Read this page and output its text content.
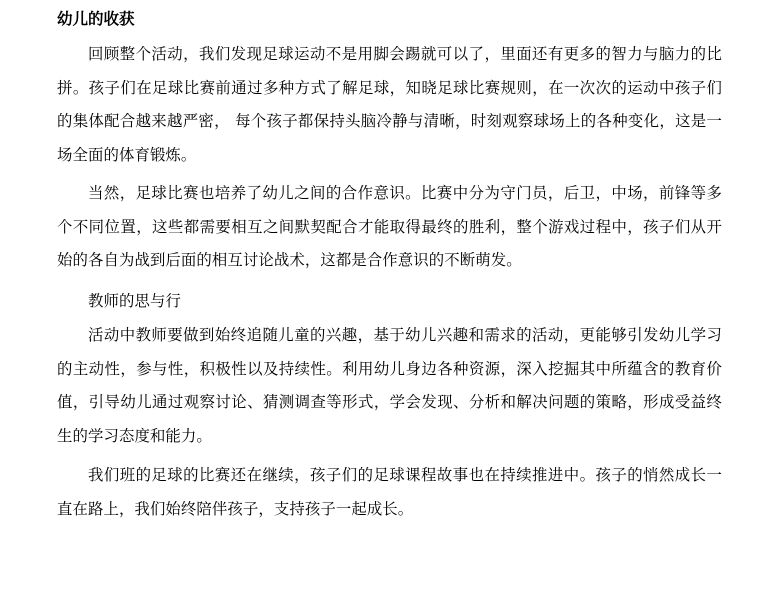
幼儿的收获
回顾整个活动，我们发现足球运动不是用脚会踢就可以了，里面还有更多的智力与脑力的比拼。孩子们在足球比赛前通过多种方式了解足球，知晓足球比赛规则，在一次次的运动中孩子们的集体配合越来越严密， 每个孩子都保持头脑冷静与清晰，时刻观察球场上的各种变化，这是一场全面的体育锻炼。
当然，足球比赛也培养了幼儿之间的合作意识。比赛中分为守门员，后卫，中场，前锋等多个不同位置，这些都需要相互之间默契配合才能取得最终的胜利，整个游戏过程中，孩子们从开始的各自为战到后面的相互讨论战术，这都是合作意识的不断萌发。
教师的思与行
活动中教师要做到始终追随儿童的兴趣，基于幼儿兴趣和需求的活动，更能够引发幼儿学习的主动性，参与性，积极性以及持续性。利用幼儿身边各种资源，深入挖掘其中所蕴含的教育价值，引导幼儿通过观察讨论、猜测调查等形式，学会发现、分析和解决问题的策略，形成受益终生的学习态度和能力。
我们班的足球的比赛还在继续，孩子们的足球课程故事也在持续推进中。孩子的悄然成长一直在路上，我们始终陪伴孩子，支持孩子一起成长。
